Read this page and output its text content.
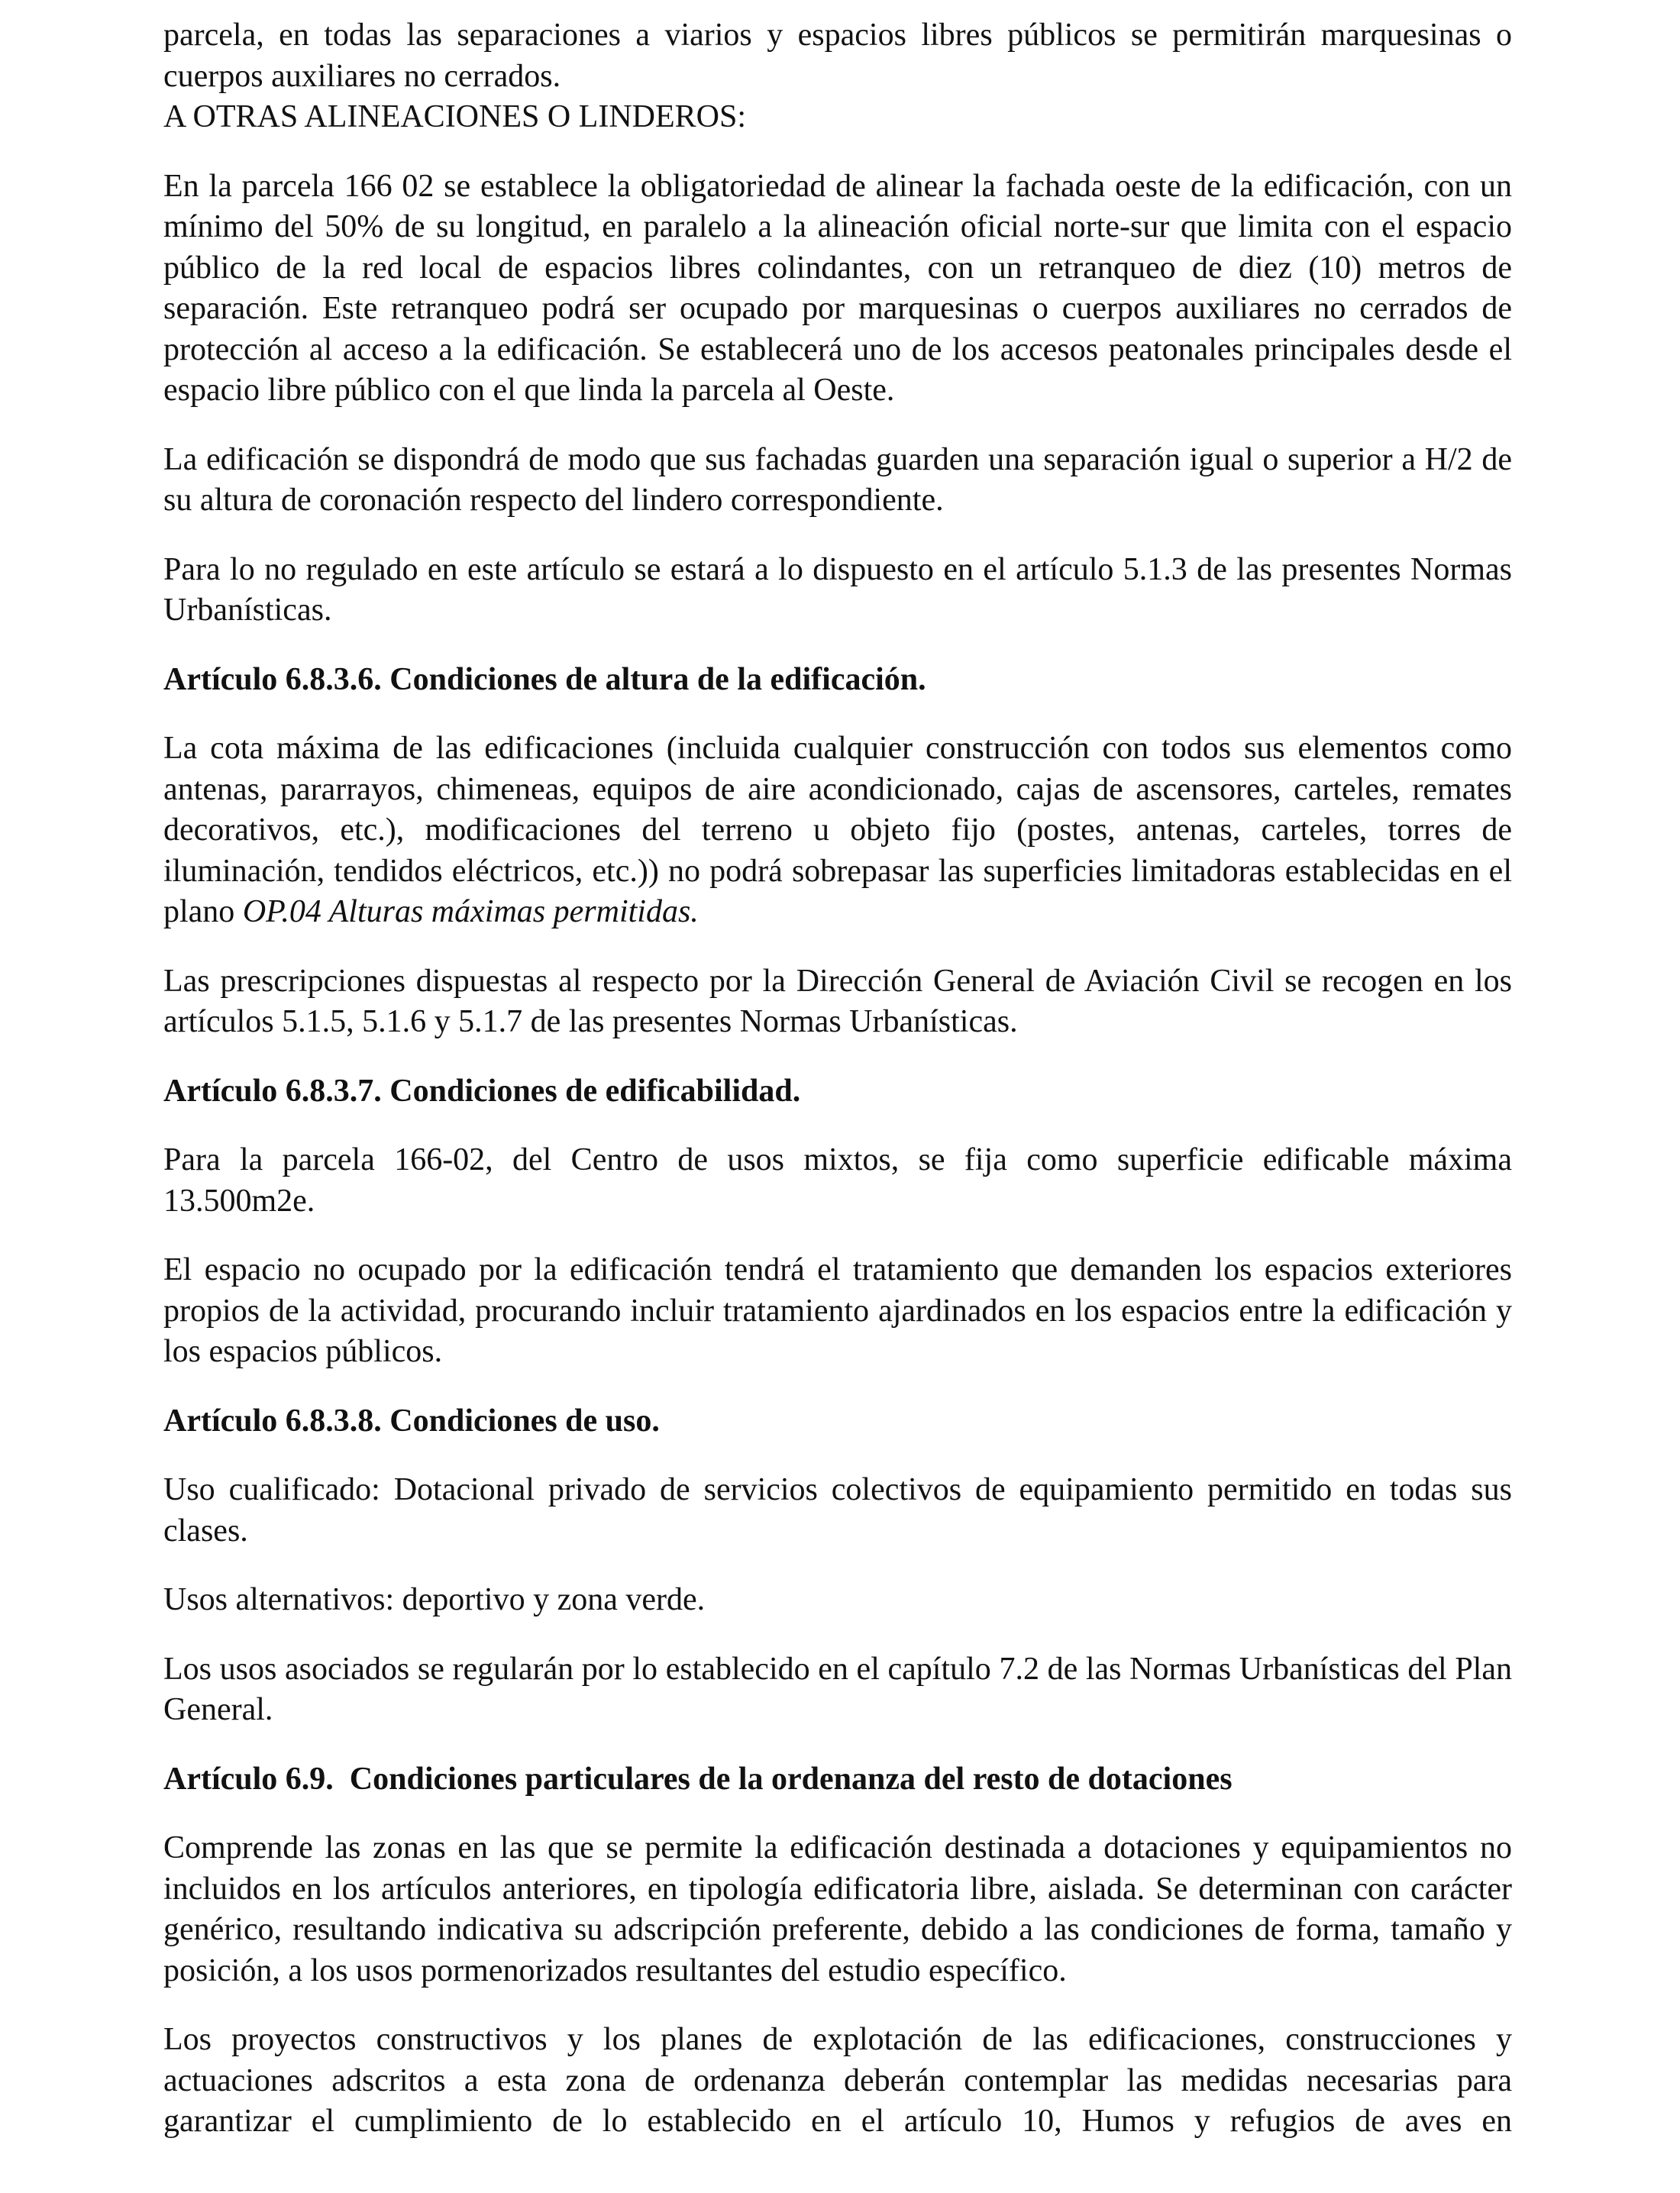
parcela, en todas las separaciones a viarios y espacios libres públicos se permitirán marquesinas o cuerpos auxiliares no cerrados.

A OTRAS ALINEACIONES O LINDEROS:

En la parcela 166 02 se establece la obligatoriedad de alinear la fachada oeste de la edificación, con un mínimo del 50% de su longitud, en paralelo a la alineación oficial norte-sur que limita con el espacio público de la red local de espacios libres colindantes, con un retranqueo de diez (10) metros de separación. Este retranqueo podrá ser ocupado por marquesinas o cuerpos auxiliares no cerrados de protección al acceso a la edificación. Se establecerá uno de los accesos peatonales principales desde el espacio libre público con el que linda la parcela al Oeste.

La edificación se dispondrá de modo que sus fachadas guarden una separación igual o superior a H/2 de su altura de coronación respecto del lindero correspondiente.

Para lo no regulado en este artículo se estará a lo dispuesto en el artículo 5.1.3 de las presentes Normas Urbanísticas.

Artículo 6.8.3.6. Condiciones de altura de la edificación.

La cota máxima de las edificaciones (incluida cualquier construcción con todos sus elementos como antenas, pararrayos, chimeneas, equipos de aire acondicionado, cajas de ascensores, carteles, remates decorativos, etc.), modificaciones del terreno u objeto fijo (postes, antenas, carteles, torres de iluminación, tendidos eléctricos, etc.)) no podrá sobrepasar las superficies limitadoras establecidas en el plano OP.04 Alturas máximas permitidas.

Las prescripciones dispuestas al respecto por la Dirección General de Aviación Civil se recogen en los artículos 5.1.5, 5.1.6 y 5.1.7 de las presentes Normas Urbanísticas.

Artículo 6.8.3.7. Condiciones de edificabilidad.

Para la parcela 166-02, del Centro de usos mixtos, se fija como superficie edificable máxima 13.500m2e.

El espacio no ocupado por la edificación tendrá el tratamiento que demanden los espacios exteriores propios de la actividad, procurando incluir tratamiento ajardinados en los espacios entre la edificación y los espacios públicos.

Artículo 6.8.3.8. Condiciones de uso.

Uso cualificado: Dotacional privado de servicios colectivos de equipamiento permitido en todas sus clases.

Usos alternativos: deportivo y zona verde.

Los usos asociados se regularán por lo establecido en el capítulo 7.2 de las Normas Urbanísticas del Plan General.

Artículo 6.9.  Condiciones particulares de la ordenanza del resto de dotaciones

Comprende las zonas en las que se permite la edificación destinada a dotaciones y equipamientos no incluidos en los artículos anteriores, en tipología edificatoria libre, aislada. Se determinan con carácter genérico, resultando indicativa su adscripción preferente, debido a las condiciones de forma, tamaño y posición, a los usos pormenorizados resultantes del estudio específico.

Los proyectos constructivos y los planes de explotación de las edificaciones, construcciones y actuaciones adscritos a esta zona de ordenanza deberán contemplar las medidas necesarias para garantizar el cumplimiento de lo establecido en el artículo 10, Humos y refugios de aves en
